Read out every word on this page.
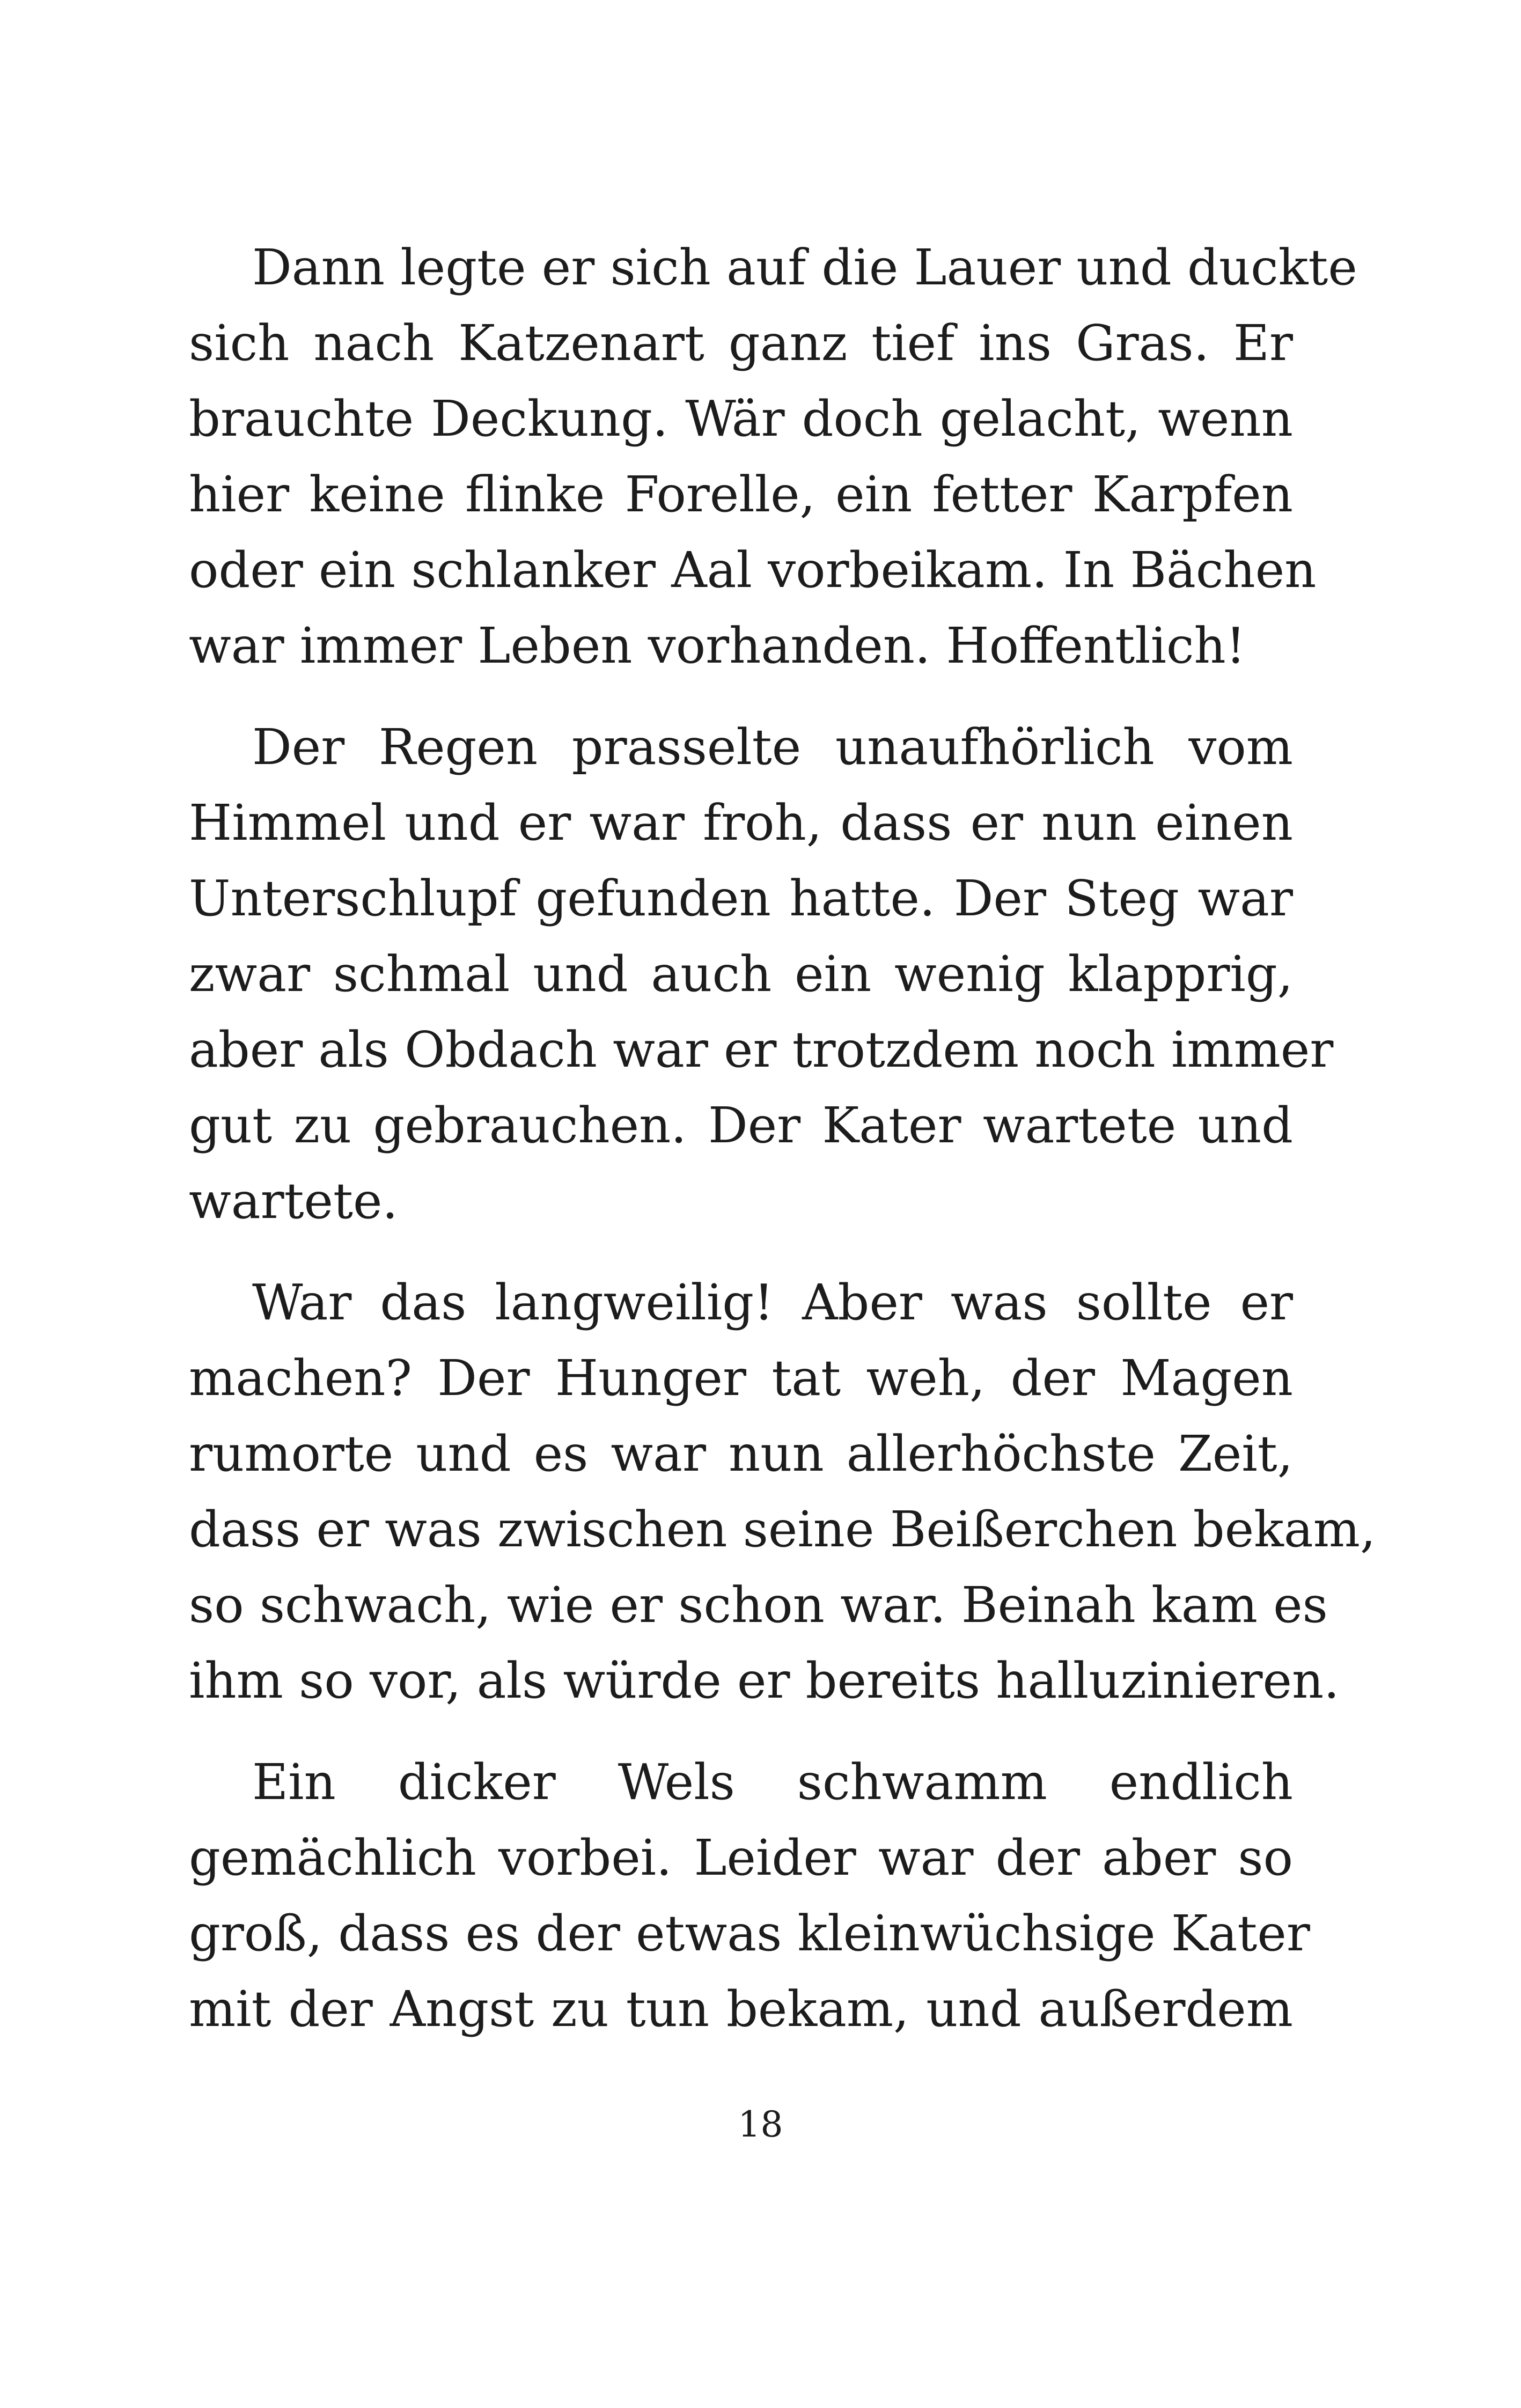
Dann legte er sich auf die Lauer und duckte
sich nach Katzenart ganz tief ins Gras. Er
brauchte Deckung. Wär doch gelacht, wenn
hier keine flinke Forelle, ein fetter Karpfen
oder ein schlanker Aal vorbeikam. In Bächen
war immer Leben vorhanden. Hoffentlich!

Der Regen prasselte unaufhörlich vom
Himmel und er war froh, dass er nun einen
Unterschlupf gefunden hatte. Der Steg war
zwar schmal und auch ein wenig klapprig,
aber als Obdach war er trotzdem noch immer
gut zu gebrauchen. Der Kater wartete und
wartete.

War das langweilig! Aber was sollte er
machen? Der Hunger tat weh, der Magen
rumorte und es war nun allerhöchste Zeit,
dass er was zwischen seine Beißerchen bekam,
so schwach, wie er schon war. Beinah kam es
ihm so vor, als würde er bereits halluzinieren.

Ein dicker Wels schwamm endlich
gemächlich vorbei. Leider war der aber so
groß, dass es der etwas kleinwüchsige Kater
mit der Angst zu tun bekam, und außerdem

18
